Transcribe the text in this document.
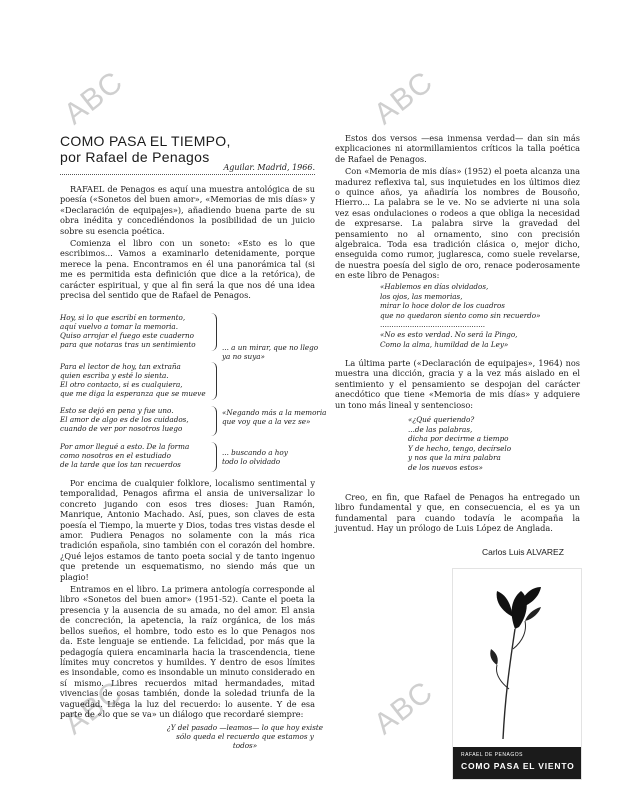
ABC	ABC
ABC	ABC
COMO PASA EL TIEMPO,
por Rafael de Penagos
Aguilar. Madrid, 1966.

RAFAEL de Penagos es aquí una muestra antológica de su poesía («Sonetos del buen amor», «Memorias de mis días» y «Declaración de equipajes»), añadiendo buena parte de su obra inédita y concediéndonos la posibilidad de un juicio sobre su esencia poética.

Comienza el libro con un soneto: «Esto es lo que escribimos... Vamos a examinarlo detenidamente, porque merece la pena. Encontramos en él una panorámica tal (si me es permitida esta definición que dice a la retórica), de carácter espiritual, y que al fin será la que nos dé una idea precisa del sentido que de Rafael de Penagos.

Hoy, si lo que escribí en tormento,
aquí vuelvo a tomar la memoria.
Quiso arrojar el fuego este cuaderno
para que notaras tras un sentimiento	... a un mirar, que no llego
ya no suya»
Para el lector de hoy, tan extraña
quien escriba y esté lo sienta.
El otro contacto, si es cualquiera,
que me diga la esperanza que se mueve
Esto se dejó en pena y fue uno.
El amor de algo es de los cuidados,
cuando de ver por nosotros luego
«Negando más a la memoria
que voy que a la vez se»
Por amor llegué a esto. De la forma
como nosotros en el estudiado
de la tarde que los tan recuerdos
... buscando a hoy
todo lo olvidado

Por encima de cualquier folklore, localismo sentimental y temporalidad, Penagos afirma el ansia de universalizar lo concreto jugando con esos tres dioses: Juan Ramón, Manrique, Antonio Machado. Así, pues, son claves de esta poesía el Tiempo, la muerte y Dios, todas tres vistas desde el amor. Pudiera Penagos no solamente con la más rica tradición española, sino también con el corazón del hombre. ¿Qué lejos estamos de tanto poeta social y de tanto ingenuo que pretende un esquematismo, no siendo más que un plagio!

Entramos en el libro. La primera antología corresponde al libro «Sonetos del buen amor» (1951-52). Cante el poeta la presencia y la ausencia de su amada, no del amor. El ansia de concreción, la apetencia, la raíz orgánica, de los más bellos sueños, el hombre, todo esto es lo que Penagos nos da. Este lenguaje se entiende. La felicidad, por más que la pedagogía quiera encaminarla hacia la trascendencia, tiene límites muy concretos y humildes. Y dentro de esos límites es insondable, como es insondable un minuto considerado en sí mismo. Libres recuerdos mitad hermandades, mitad vivencias de cosas también, donde la soledad triunfa de la vaguedad. Llega la luz del recuerdo: lo ausente. Y de esa parte de «lo que se va» un diálogo que recordaré siempre:

¿Y del pasado —leamos— lo que hoy existe
sólo queda el recuerdo que estamos y todos»

Estos dos versos —esa inmensa verdad— dan sin más explicaciones ni atormillamientos críticos la talla poética de Rafael de Penagos.

Con «Memoria de mis días» (1952) el poeta alcanza una madurez reflexiva tal, sus inquietudes en los últimos diez o quince años, ya añadiría los nombres de Bousoño, Hierro... La palabra se le ve. No se advierte ni una sola vez esas ondulaciones o rodeos a que obliga la necesidad de expresarse. La palabra sirve la gravedad del pensamiento no al ornamento, sino con precisión algebraica. Toda esa tradición clásica o, mejor dicho, enseguida como rumor, juglaresca, como suele revelarse, de nuestra poesía del siglo de oro, renace poderosamente en este libro de Penagos:

«Hablemos en días olvidados,
los ojos, las memorias,
mirar lo hoce dolor de los cuadros
que no quedaron siento como sin recuerdo»
..............................................
«No es esto verdad. No será la Pingo,
Como la alma, humildad de la Ley»

La última parte («Declaración de equipajes», 1964) nos muestra una dicción, gracia y a la vez más aislado en el sentimiento y el pensamiento se despojan del carácter anecdótico que tiene «Memoria de mis días» y adquiere un tono más lineal y sentencioso:

«¿Qué queriendo?
...de las palabras,
dicha por decirme a tiempo
Y de hecho, tengo, decírselo
y nos que la mira palabra
de los nuevos estos»

Creo, en fin, que Rafael de Penagos ha entregado un libro fundamental y que, en consecuencia, el es ya un fundamental para cuando todavía le acompaña la juventud. Hay un prólogo de Luis López de Anglada.

Carlos Luis ALVAREZ
RAFAEL DE PENAGOS
COMO PASA EL VIENTO
